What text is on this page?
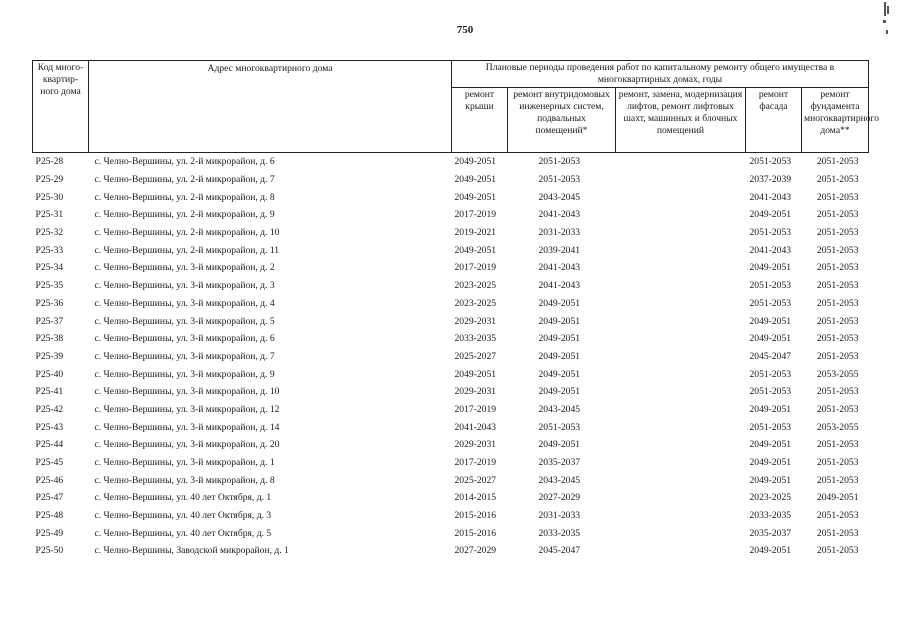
750
Код много-квартир-ного дома	Адрес многоквартирного дома	Плановые периоды проведения работ по капитальному ремонту общего имущества в многоквартирных домах, годы				
		ремонт крыши	ремонт внутридомовых инженерных систем, подвальных помещений*	ремонт, замена, модернизация лифтов, ремонт лифтовых шахт, машинных и блочных помещений	ремонт фасада	ремонт фундамента многоквартирного дома**
P25-28	с. Челно-Вершины, ул. 2-й микрорайон, д. 6	2049-2051	2051-2053		2051-2053	2051-2053
P25-29	с. Челно-Вершины, ул. 2-й микрорайон, д. 7	2049-2051	2051-2053		2037-2039	2051-2053
P25-30	с. Челно-Вершины, ул. 2-й микрорайон, д. 8	2049-2051	2043-2045		2041-2043	2051-2053
P25-31	с. Челно-Вершины, ул. 2-й микрорайон, д. 9	2017-2019	2041-2043		2049-2051	2051-2053
P25-32	с. Челно-Вершины, ул. 2-й микрорайон, д. 10	2019-2021	2031-2033		2051-2053	2051-2053
P25-33	с. Челно-Вершины, ул. 2-й микрорайон, д. 11	2049-2051	2039-2041		2041-2043	2051-2053
P25-34	с. Челно-Вершины, ул. 3-й микрорайон, д. 2	2017-2019	2041-2043		2049-2051	2051-2053
P25-35	с. Челно-Вершины, ул. 3-й микрорайон, д. 3	2023-2025	2041-2043		2051-2053	2051-2053
P25-36	с. Челно-Вершины, ул. 3-й микрорайон, д. 4	2023-2025	2049-2051		2051-2053	2051-2053
P25-37	с. Челно-Вершины, ул. 3-й микрорайон, д. 5	2029-2031	2049-2051		2049-2051	2051-2053
P25-38	с. Челно-Вершины, ул. 3-й микрорайон, д. 6	2033-2035	2049-2051		2049-2051	2051-2053
P25-39	с. Челно-Вершины, ул. 3-й микрорайон, д. 7	2025-2027	2049-2051		2045-2047	2051-2053
P25-40	с. Челно-Вершины, ул. 3-й микрорайон, д. 9	2049-2051	2049-2051		2051-2053	2053-2055
P25-41	с. Челно-Вершины, ул. 3-й микрорайон, д. 10	2029-2031	2049-2051		2051-2053	2051-2053
P25-42	с. Челно-Вершины, ул. 3-й микрорайон, д. 12	2017-2019	2043-2045		2049-2051	2051-2053
P25-43	с. Челно-Вершины, ул. 3-й микрорайон, д. 14	2041-2043	2051-2053		2051-2053	2053-2055
P25-44	с. Челно-Вершины, ул. 3-й микрорайон, д. 20	2029-2031	2049-2051		2049-2051	2051-2053
P25-45	с. Челно-Вершины, ул. 3-й микрорайон, д. 1	2017-2019	2035-2037		2049-2051	2051-2053
P25-46	с. Челно-Вершины, ул. 3-й микрорайон, д. 8	2025-2027	2043-2045		2049-2051	2051-2053
P25-47	с. Челно-Вершины, ул. 40 лет Октября, д. 1	2014-2015	2027-2029		2023-2025	2049-2051
P25-48	с. Челно-Вершины, ул. 40 лет Октября, д. 3	2015-2016	2031-2033		2033-2035	2051-2053
P25-49	с. Челно-Вершины, ул. 40 лет Октября, д. 5	2015-2016	2033-2035		2035-2037	2051-2053
P25-50	с. Челно-Вершины, Заводской микрорайон, д. 1	2027-2029	2045-2047		2049-2051	2051-2053
